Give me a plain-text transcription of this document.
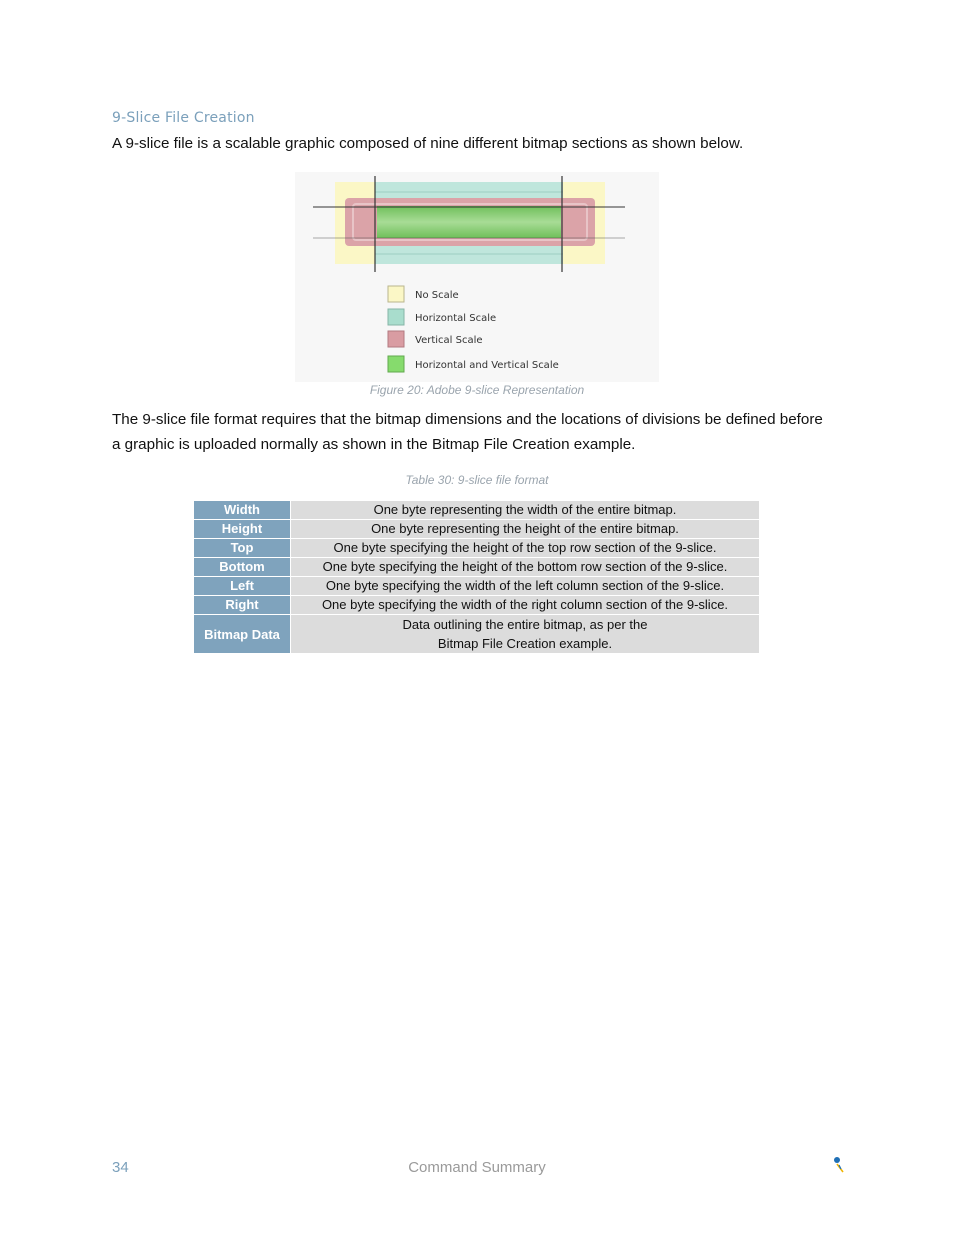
9-Slice File Creation
A 9-slice file is a scalable graphic composed of nine different bitmap sections as shown below.
No Scale
Horizontal Scale
Vertical Scale
Horizontal and Vertical Scale
Figure 20: Adobe 9-slice Representation
The 9-slice file format requires that the bitmap dimensions and the locations of divisions be defined before a graphic is uploaded normally as shown in the Bitmap File Creation example.
Table 30: 9-slice file format
Width	One byte representing the width of the entire bitmap.
Height	One byte representing the height of the entire bitmap.
Top	One byte specifying the height of the top row section of the 9-slice.
Bottom	One byte specifying the height of the bottom row section of the 9-slice.
Left	One byte specifying the width of the left column section of the 9-slice.
Right	One byte specifying the width of the right column section of the 9-slice.
Bitmap Data	Data outlining the entire bitmap, as per the
Bitmap File Creation example.
34	Command Summary
